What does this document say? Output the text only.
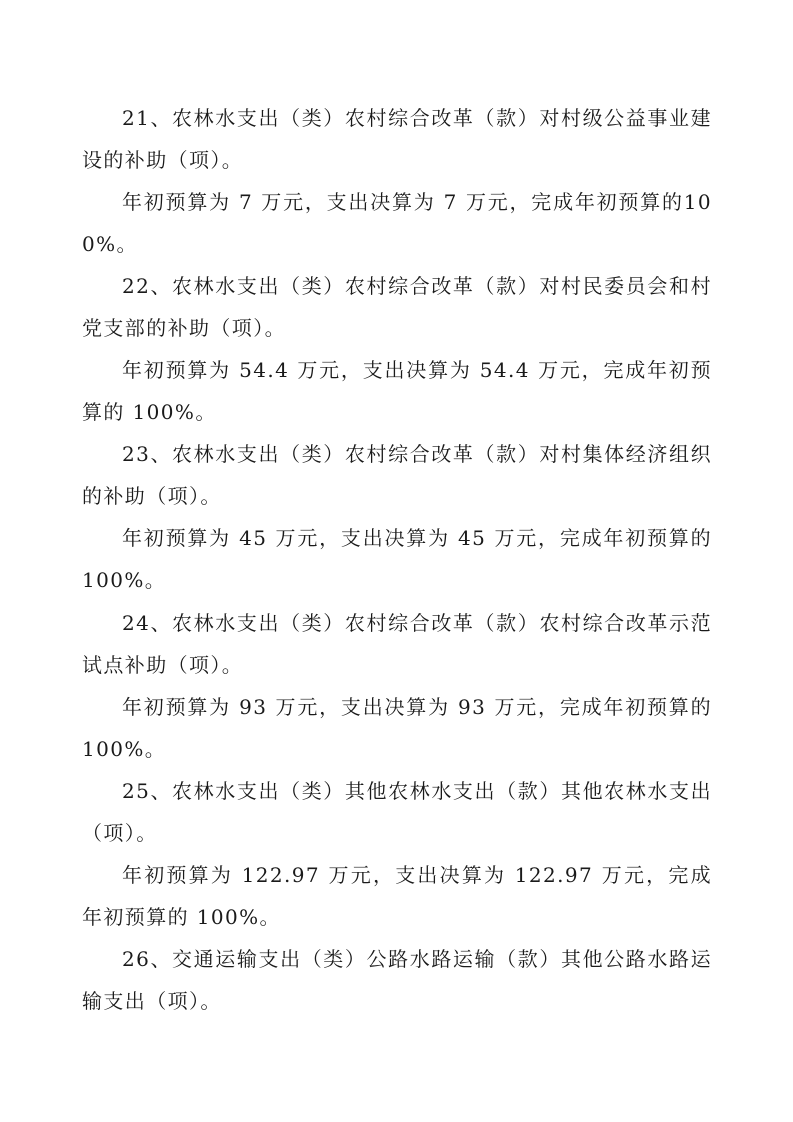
21、农林水支出（类）农村综合改革（款）对村级公益事业建设的补助（项）。

年初预算为 7 万元，支出决算为 7 万元，完成年初预算的100%。

22、农林水支出（类）农村综合改革（款）对村民委员会和村党支部的补助（项）。

年初预算为 54.4 万元，支出决算为 54.4 万元，完成年初预算的 100%。

23、农林水支出（类）农村综合改革（款）对村集体经济组织的补助（项）。

年初预算为 45 万元，支出决算为 45 万元，完成年初预算的100%。

24、农林水支出（类）农村综合改革（款）农村综合改革示范试点补助（项）。

年初预算为 93 万元，支出决算为 93 万元，完成年初预算的100%。

25、农林水支出（类）其他农林水支出（款）其他农林水支出（项）。

年初预算为 122.97 万元，支出决算为 122.97 万元，完成年初预算的 100%。

26、交通运输支出（类）公路水路运输（款）其他公路水路运输支出（项）。
